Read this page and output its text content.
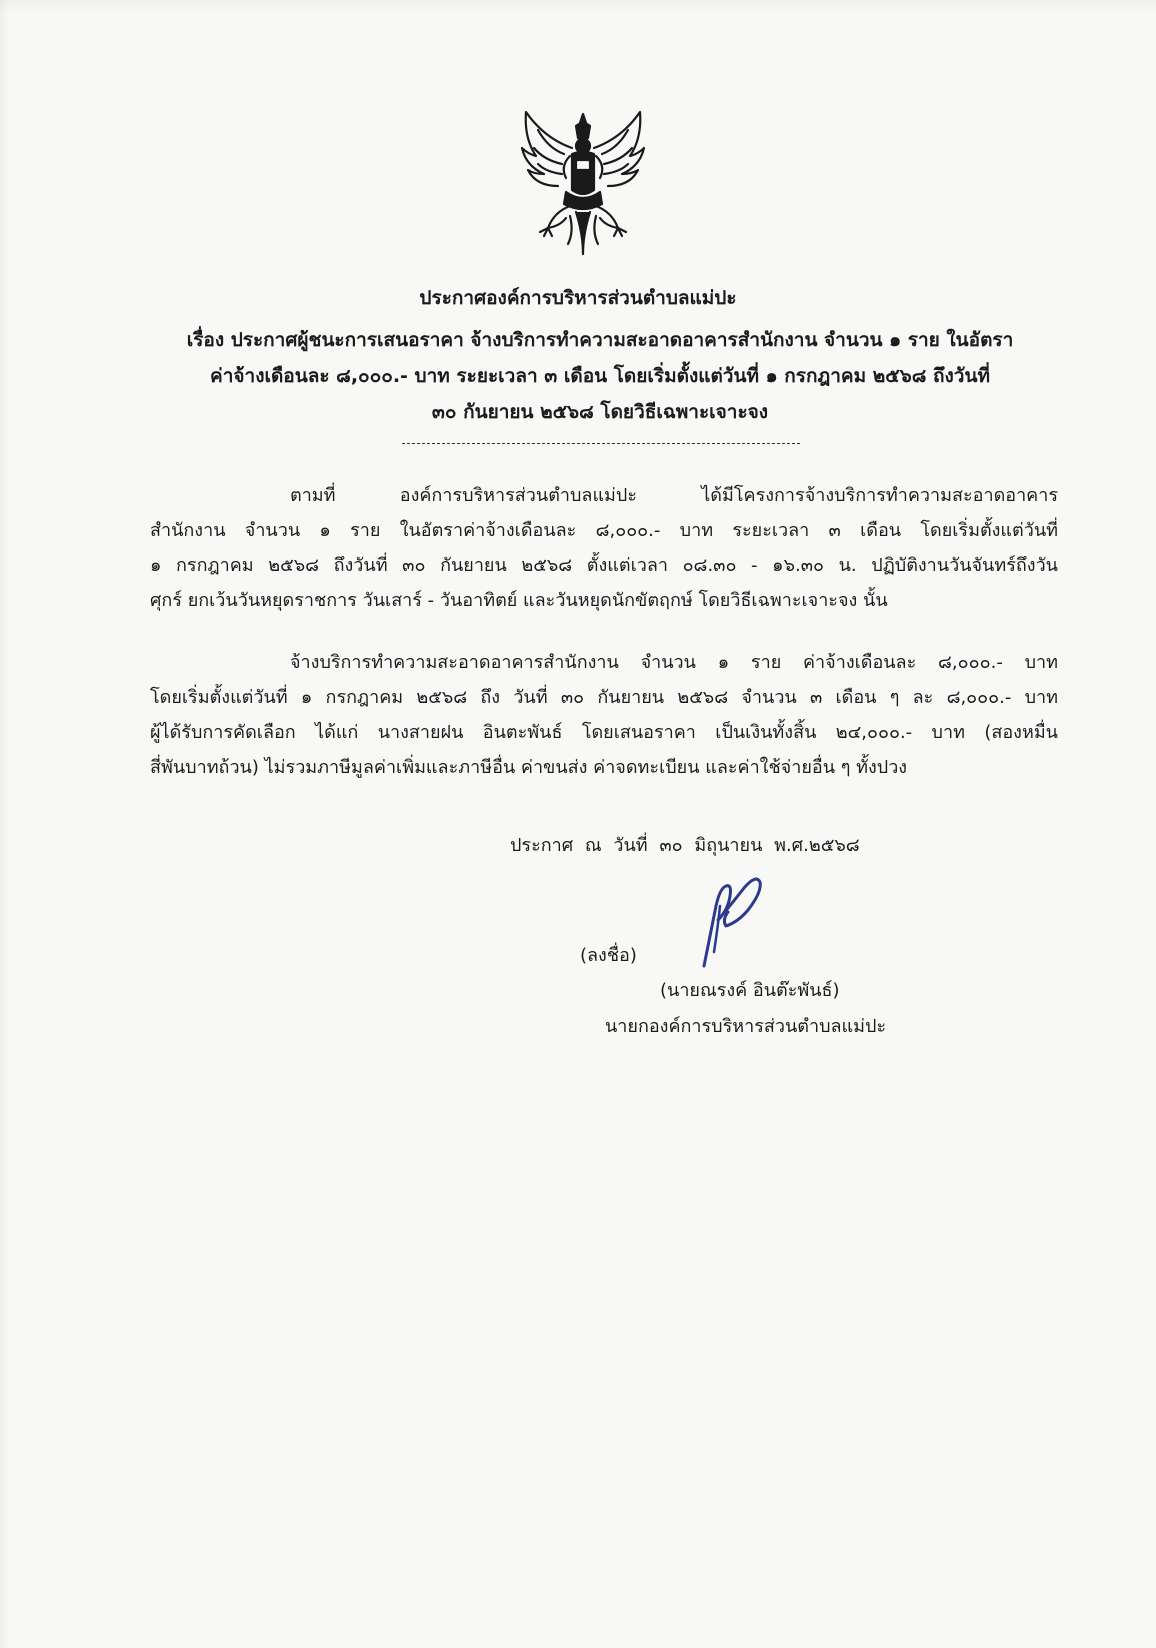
ประกาศองค์การบริหารส่วนตำบลแม่ปะ
เรื่อง ประกาศผู้ชนะการเสนอราคา จ้างบริการทำความสะอาดอาคารสำนักงาน จำนวน ๑ ราย ในอัตรา
ค่าจ้างเดือนละ ๘,๐๐๐.- บาท ระยะเวลา ๓ เดือน โดยเริ่มตั้งแต่วันที่ ๑ กรกฎาคม ๒๕๖๘ ถึงวันที่
๓๐ กันยายน ๒๕๖๘ โดยวิธีเฉพาะเจาะจง
ตามที่ องค์การบริหารส่วนตำบลแม่ปะ ได้มีโครงการจ้างบริการทำความสะอาดอาคาร
สำนักงาน จำนวน ๑ ราย ในอัตราค่าจ้างเดือนละ ๘,๐๐๐.- บาท ระยะเวลา ๓ เดือน โดยเริ่มตั้งแต่วันที่
๑ กรกฎาคม ๒๕๖๘ ถึงวันที่ ๓๐ กันยายน ๒๕๖๘ ตั้งแต่เวลา ๐๘.๓๐ - ๑๖.๓๐ น. ปฏิบัติงานวันจันทร์ถึงวัน
ศุกร์ ยกเว้นวันหยุดราชการ วันเสาร์ - วันอาทิตย์ และวันหยุดนักขัตฤกษ์ โดยวิธีเฉพาะเจาะจง นั้น
จ้างบริการทำความสะอาดอาคารสำนักงาน จำนวน ๑ ราย ค่าจ้างเดือนละ ๘,๐๐๐.- บาท
โดยเริ่มตั้งแต่วันที่ ๑ กรกฎาคม ๒๕๖๘ ถึง วันที่ ๓๐ กันยายน ๒๕๖๘ จำนวน ๓ เดือน ๆ ละ ๘,๐๐๐.- บาท
ผู้ได้รับการคัดเลือก ได้แก่ นางสายฝน อินตะพันธ์ โดยเสนอราคา เป็นเงินทั้งสิ้น ๒๔,๐๐๐.- บาท (สองหมื่น
สี่พันบาทถ้วน) ไม่รวมภาษีมูลค่าเพิ่มและภาษีอื่น ค่าขนส่ง ค่าจดทะเบียน และค่าใช้จ่ายอื่น ๆ ทั้งปวง
ประกาศ ณ วันที่ ๓๐ มิถุนายน พ.ศ.๒๕๖๘
(ลงชื่อ)
(นายณรงค์ อินต๊ะพันธ์)
นายกองค์การบริหารส่วนตำบลแม่ปะ
